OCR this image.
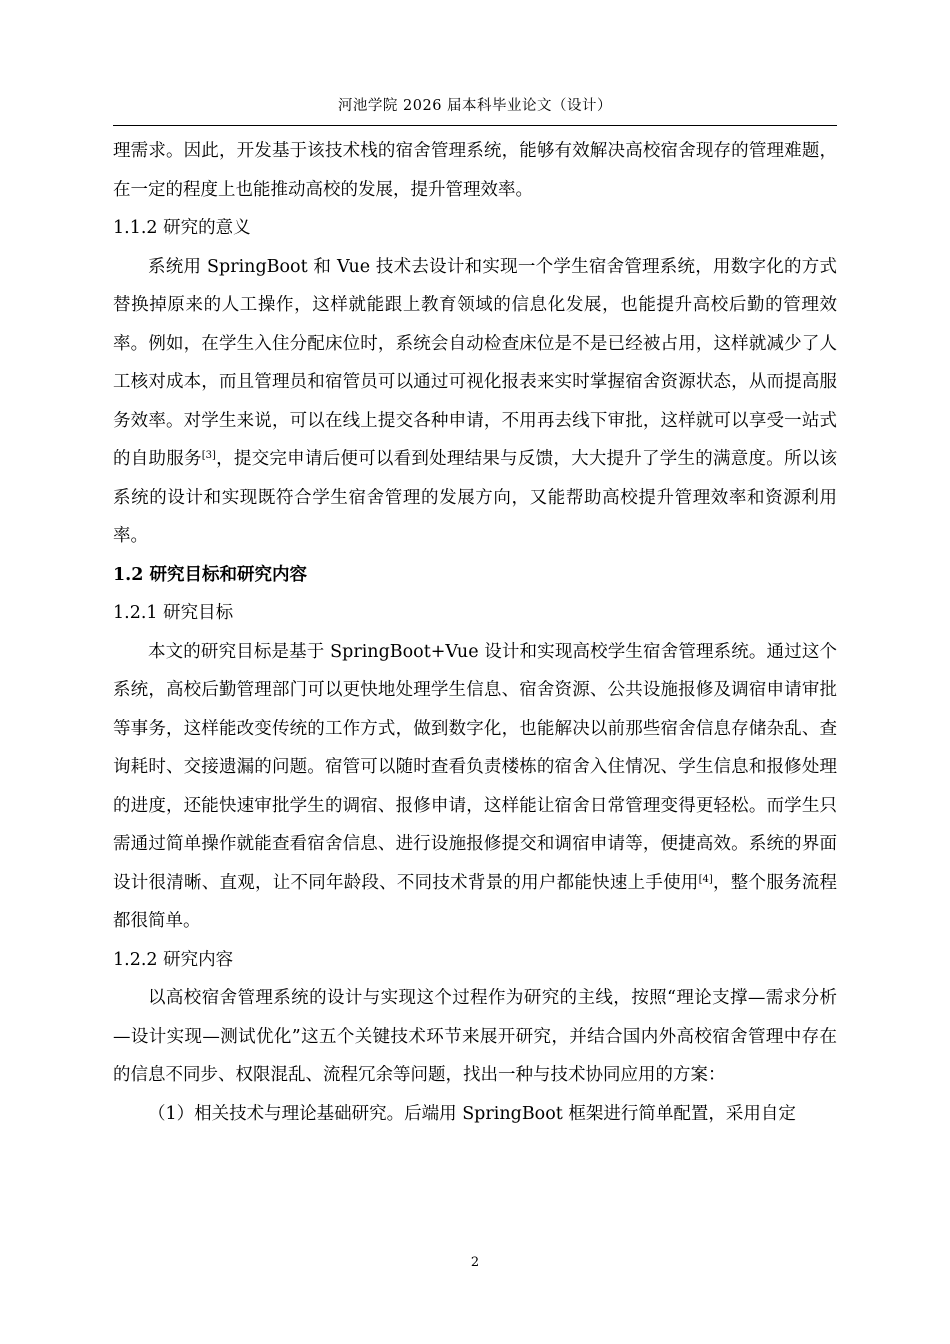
河池学院 2026 届本科毕业论文（设计）

理需求。因此，开发基于该技术栈的宿舍管理系统，能够有效解决高校宿舍现存的管理难题，在一定的程度上也能推动高校的发展，提升管理效率。

1.1.2 研究的意义

系统用 SpringBoot 和 Vue 技术去设计和实现一个学生宿舍管理系统，用数字化的方式替换掉原来的人工操作，这样就能跟上教育领域的信息化发展，也能提升高校后勤的管理效率。例如，在学生入住分配床位时，系统会自动检查床位是不是已经被占用，这样就减少了人工核对成本，而且管理员和宿管员可以通过可视化报表来实时掌握宿舍资源状态，从而提高服务效率。对学生来说，可以在线上提交各种申请，不用再去线下审批，这样就可以享受一站式的自助服务[3]，提交完申请后便可以看到处理结果与反馈，大大提升了学生的满意度。所以该系统的设计和实现既符合学生宿舍管理的发展方向，又能帮助高校提升管理效率和资源利用率。

1.2 研究目标和研究内容
1.2.1 研究目标

本文的研究目标是基于 SpringBoot+Vue 设计和实现高校学生宿舍管理系统。通过这个系统，高校后勤管理部门可以更快地处理学生信息、宿舍资源、公共设施报修及调宿申请审批等事务，这样能改变传统的工作方式，做到数字化，也能解决以前那些宿舍信息存储杂乱、查询耗时、交接遗漏的问题。宿管可以随时查看负责楼栋的宿舍入住情况、学生信息和报修处理的进度，还能快速审批学生的调宿、报修申请，这样能让宿舍日常管理变得更轻松。而学生只需通过简单操作就能查看宿舍信息、进行设施报修提交和调宿申请等，便捷高效。系统的界面设计很清晰、直观，让不同年龄段、不同技术背景的用户都能快速上手使用[4]，整个服务流程都很简单。

1.2.2 研究内容

以高校宿舍管理系统的设计与实现这个过程作为研究的主线，按照“理论支撑—需求分析—设计实现—测试优化”这五个关键技术环节来展开研究，并结合国内外高校宿舍管理中存在的信息不同步、权限混乱、流程冗余等问题，找出一种与技术协同应用的方案：

（1）相关技术与理论基础研究。后端用 SpringBoot 框架进行简单配置，采用自定

2
